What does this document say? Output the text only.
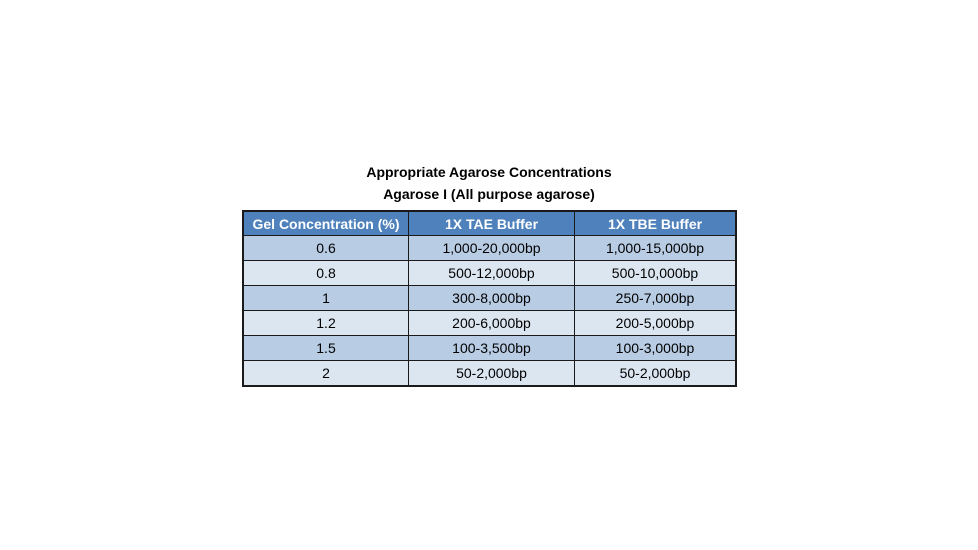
Appropriate Agarose Concentrations
Agarose I (All purpose agarose)
Gel Concentration (%)	1X TAE Buffer	1X TBE Buffer
0.6	1,000-20,000bp	1,000-15,000bp
0.8	500-12,000bp	500-10,000bp
1	300-8,000bp	250-7,000bp
1.2	200-6,000bp	200-5,000bp
1.5	100-3,500bp	100-3,000bp
2	50-2,000bp	50-2,000bp
